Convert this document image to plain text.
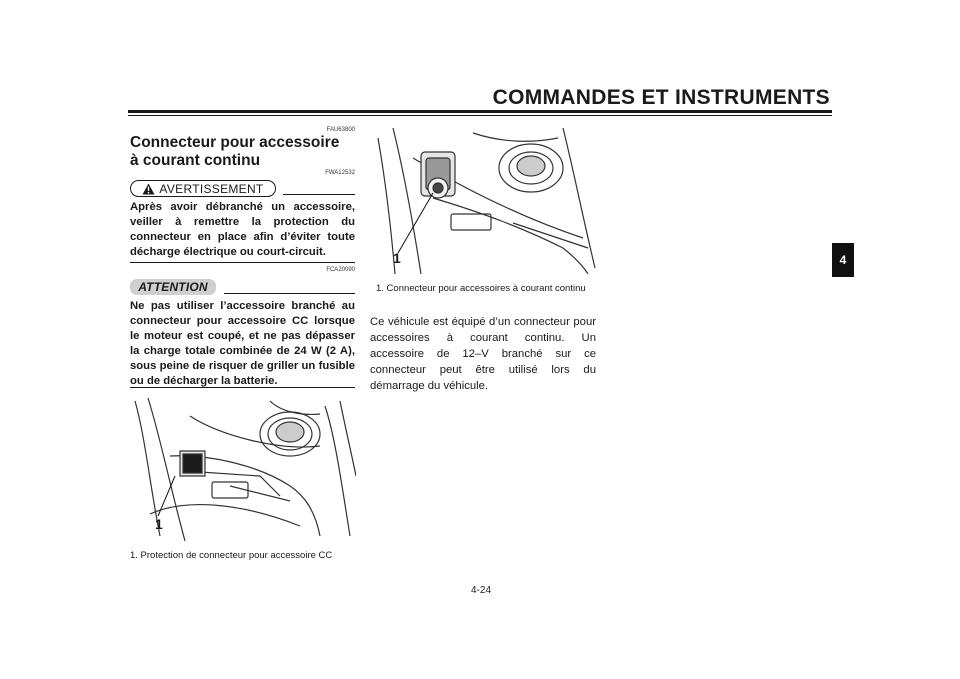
COMMANDES ET INSTRUMENTS
4
FAU63800
Connecteur pour accessoire à courant continu
FWA12532
AVERTISSEMENT
Après avoir débranché un accessoire, veiller à remettre la protection du connecteur en place afin d’éviter toute décharge électrique ou court-circuit.
FCA20090
ATTENTION
Ne pas utiliser l’accessoire branché au connecteur pour accessoire CC lorsque le moteur est coupé, et ne pas dépasser la charge totale combinée de 24 W (2 A), sous peine de risquer de griller un fusible ou de décharger la batterie.
1
1. Protection de connecteur pour accessoire CC
1
1. Connecteur pour accessoires à courant continu
Ce véhicule est équipé d’un connecteur pour accessoires à courant continu. Un accessoire de 12–V branché sur ce connecteur peut être utilisé lors du démarrage du véhicule.
4-24
